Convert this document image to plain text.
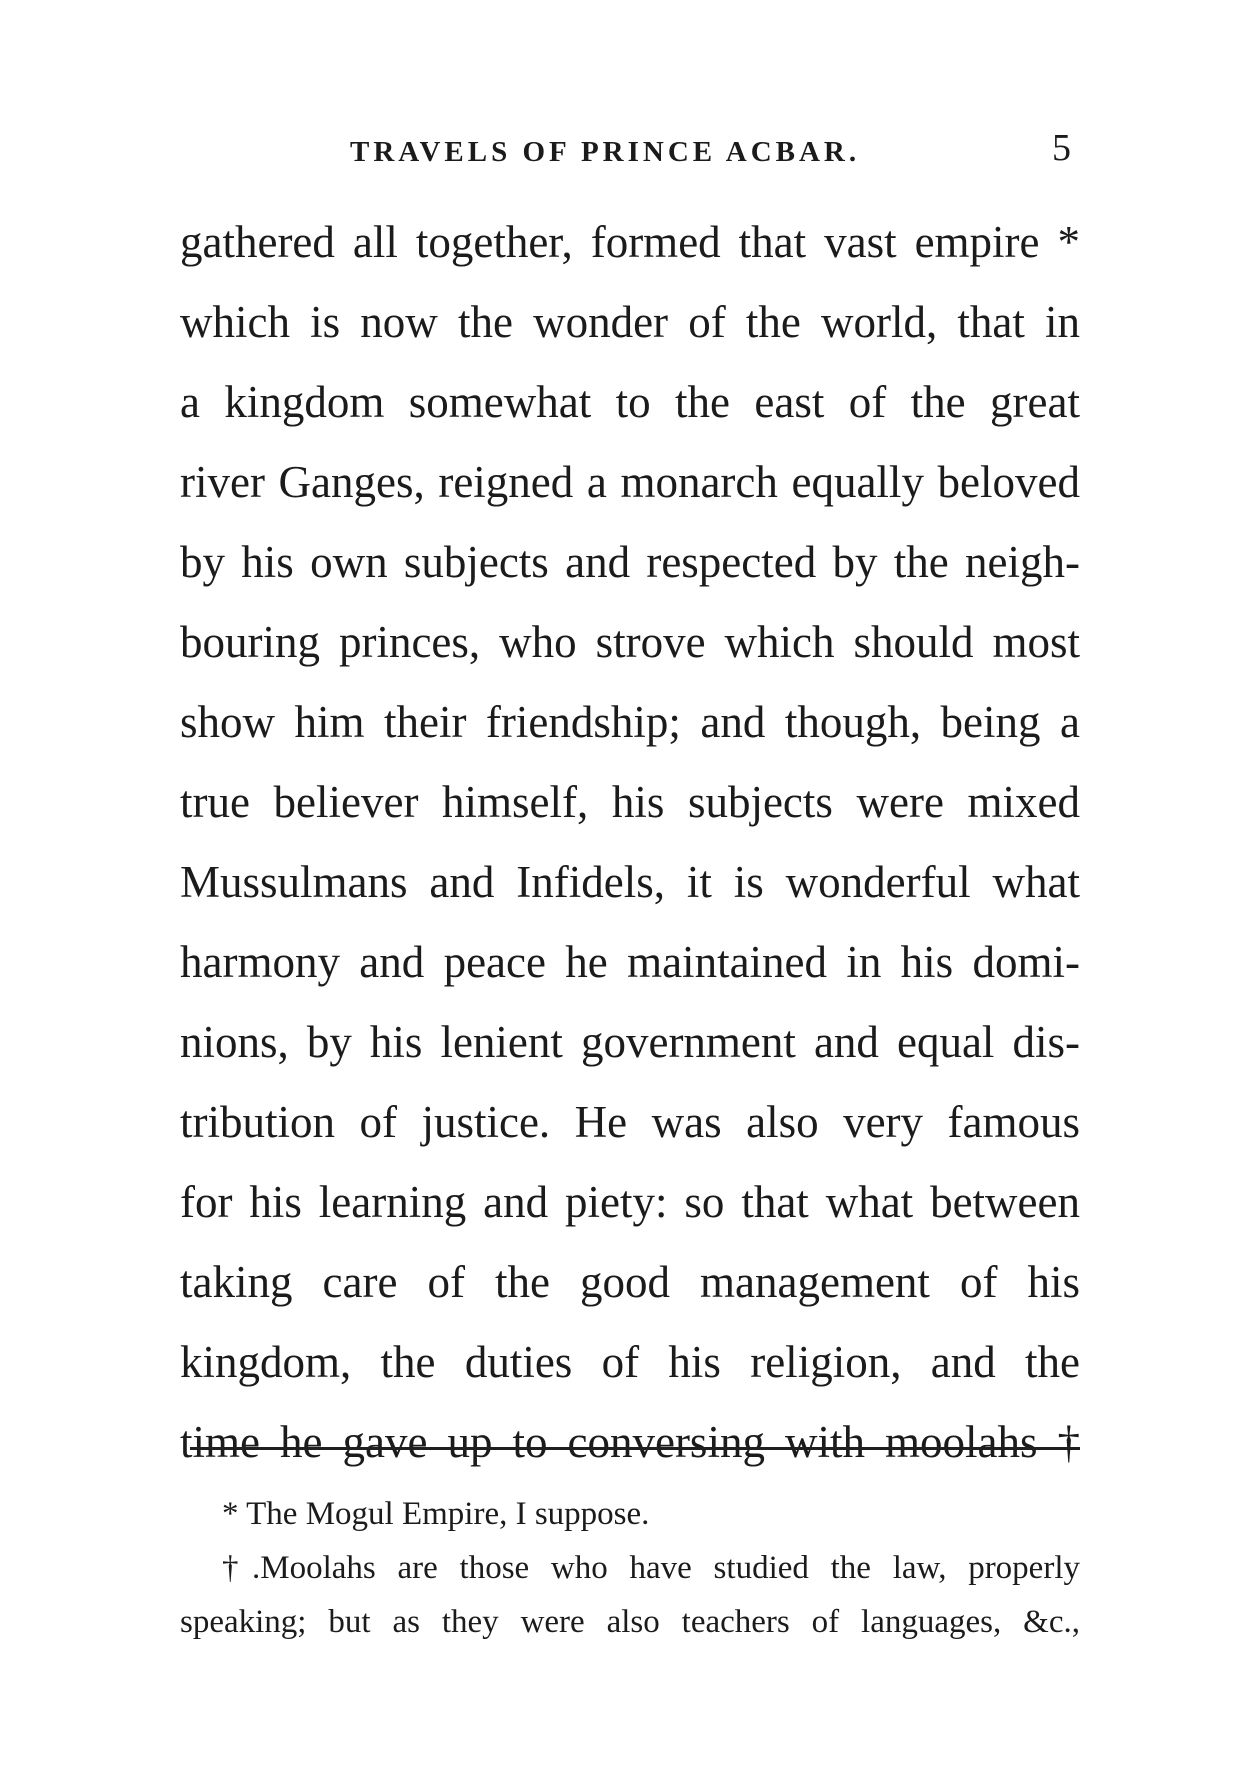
TRAVELS OF PRINCE ACBAR.	5
gathered all together, formed that vast empire *
which is now the wonder of the world, that in
a kingdom somewhat to the east of the great
river Ganges, reigned a monarch equally beloved
by his own subjects and respected by the neigh-
bouring princes, who strove which should most
show him their friendship; and though, being a
true believer himself, his subjects were mixed
Mussulmans and Infidels, it is wonderful what
harmony and peace he maintained in his domi-
nions, by his lenient government and equal dis-
tribution of justice. He was also very famous
for his learning and piety: so that what between
taking care of the good management of his
kingdom, the duties of his religion, and the
time he gave up to conversing with moolahs †
* The Mogul Empire, I suppose.
†.Moolahs are those who have studied the law, properly
speaking; but as they were also teachers of languages, &c.,
